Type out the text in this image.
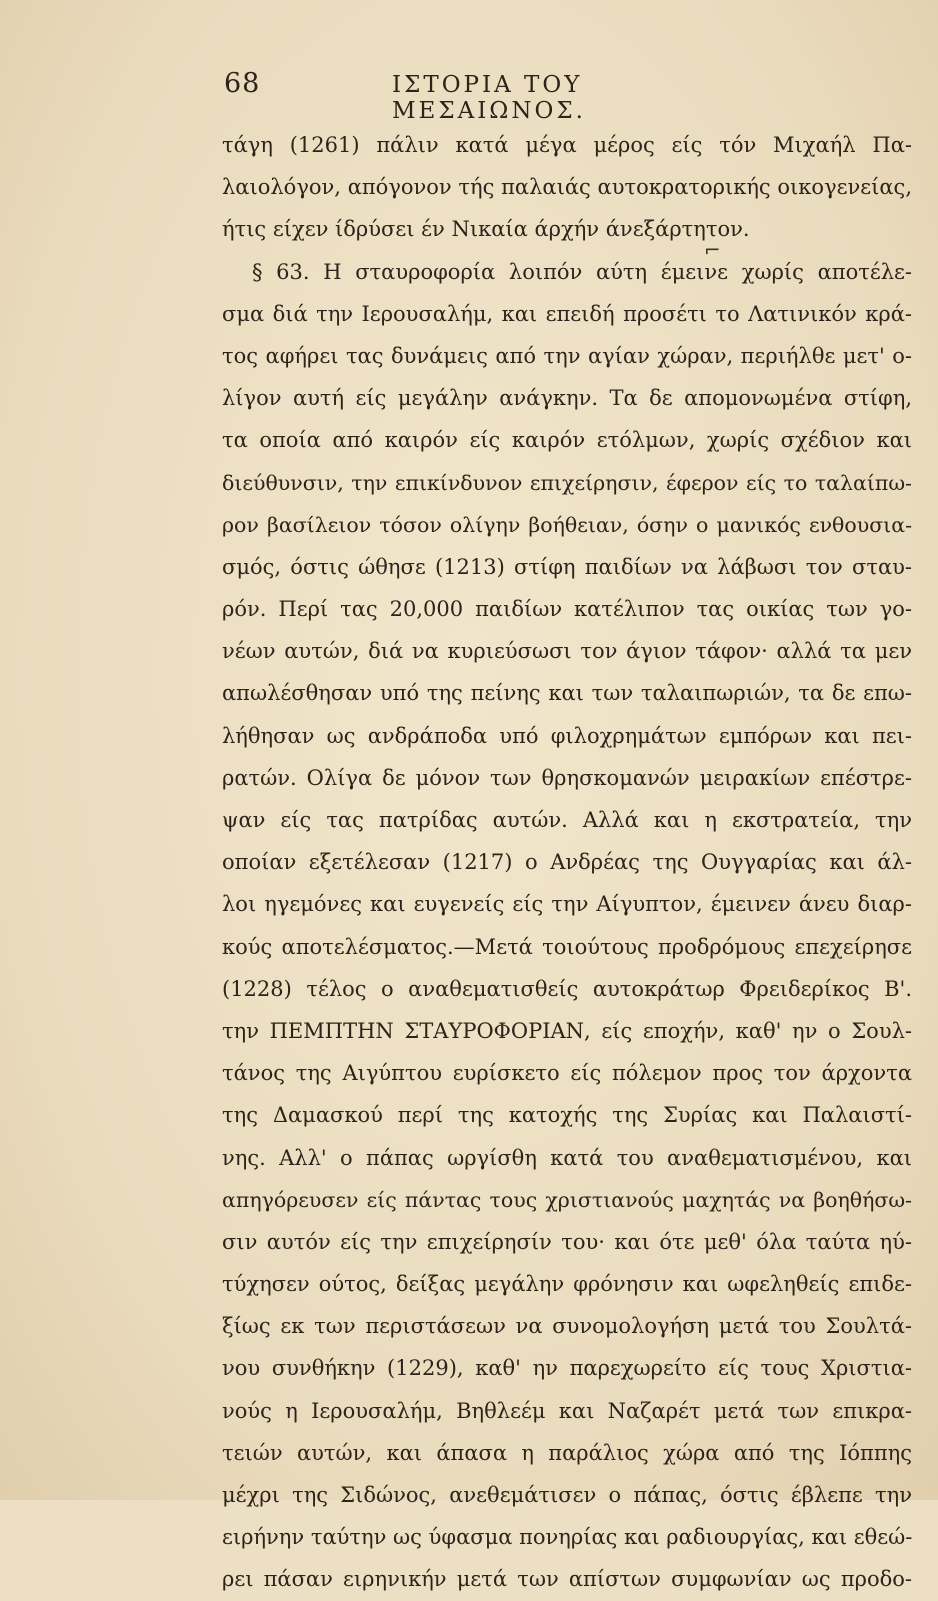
68	ΙΣΤΟΡΙΑ ΤΟΥ ΜΕΣΑΙΩΝΟΣ.
⌐
τάγη (1261) πάλιν κατά μέγα μέρος είς τόν Μιχαήλ Πα-
λαιολόγον, απόγονον τής παλαιάς αυτοκρατορικής οικογενείας,
ήτις είχεν ίδρύσει έν Νικαία άρχήν άνεξάρτητον.
§ 63. Η σταυροφορία λοιπόν αύτη έμεινε χωρίς αποτέλε-
σμα διά την Ιερουσαλήμ, και επειδή προσέτι το Λατινικόν κρά-
τος αφήρει τας δυνάμεις από την αγίαν χώραν, περιήλθε μετ' ο-
λίγον αυτή είς μεγάλην ανάγκην. Τα δε απομονωμένα στίφη,
τα οποία από καιρόν είς καιρόν ετόλμων, χωρίς σχέδιον και
διεύθυνσιν, την επικίνδυνον επιχείρησιν, έφερον είς το ταλαίπω-
ρον βασίλειον τόσον ολίγην βοήθειαν, όσην ο μανικός ενθουσια-
σμός, όστις ώθησε (1213) στίφη παιδίων να λάβωσι τον σταυ-
ρόν. Περί τας 20,000 παιδίων κατέλιπον τας οικίας των γο-
νέων αυτών, διά να κυριεύσωσι τον άγιον τάφον· αλλά τα μεν
απωλέσθησαν υπό της πείνης και των ταλαιπωριών, τα δε επω-
λήθησαν ως ανδράποδα υπό φιλοχρημάτων εμπόρων και πει-
ρατών. Ολίγα δε μόνον των θρησκομανών μειρακίων επέστρε-
ψαν είς τας πατρίδας αυτών. Αλλά και η εκστρατεία, την
οποίαν εξετέλεσαν (1217) ο Ανδρέας της Ουγγαρίας και άλ-
λοι ηγεμόνες και ευγενείς είς την Αίγυπτον, έμεινεν άνευ διαρ-
κούς αποτελέσματος.—Μετά τοιούτους προδρόμους επεχείρησε
(1228) τέλος ο αναθεματισθείς αυτοκράτωρ Φρειδερίκος Β'.
την ΠΕΜΠΤΗΝ ΣΤΑΥΡΟΦΟΡΙΑΝ, είς εποχήν, καθ' ην ο Σουλ-
τάνος της Αιγύπτου ευρίσκετο είς πόλεμον προς τον άρχοντα
της Δαμασκού περί της κατοχής της Συρίας και Παλαιστί-
νης. Αλλ' ο πάπας ωργίσθη κατά του αναθεματισμένου, και
απηγόρευσεν είς πάντας τους χριστιανούς μαχητάς να βοηθήσω-
σιν αυτόν είς την επιχείρησίν του· και ότε μεθ' όλα ταύτα ηύ-
τύχησεν ούτος, δείξας μεγάλην φρόνησιν και ωφεληθείς επιδε-
ξίως εκ των περιστάσεων να συνομολογήση μετά του Σουλτά-
νου συνθήκην (1229), καθ' ην παρεχωρείτο είς τους Χριστια-
νούς η Ιερουσαλήμ, Βηθλεέμ και Ναζαρέτ μετά των επικρα-
τειών αυτών, και άπασα η παράλιος χώρα από της Ιόππης
μέχρι της Σιδώνος, ανεθεμάτισεν ο πάπας, όστις έβλεπε την
ειρήνην ταύτην ως ύφασμα πονηρίας και ραδιουργίας, και εθεώ-
ρει πάσαν ειρηνικήν μετά των απίστων συμφωνίαν ως προδο-
